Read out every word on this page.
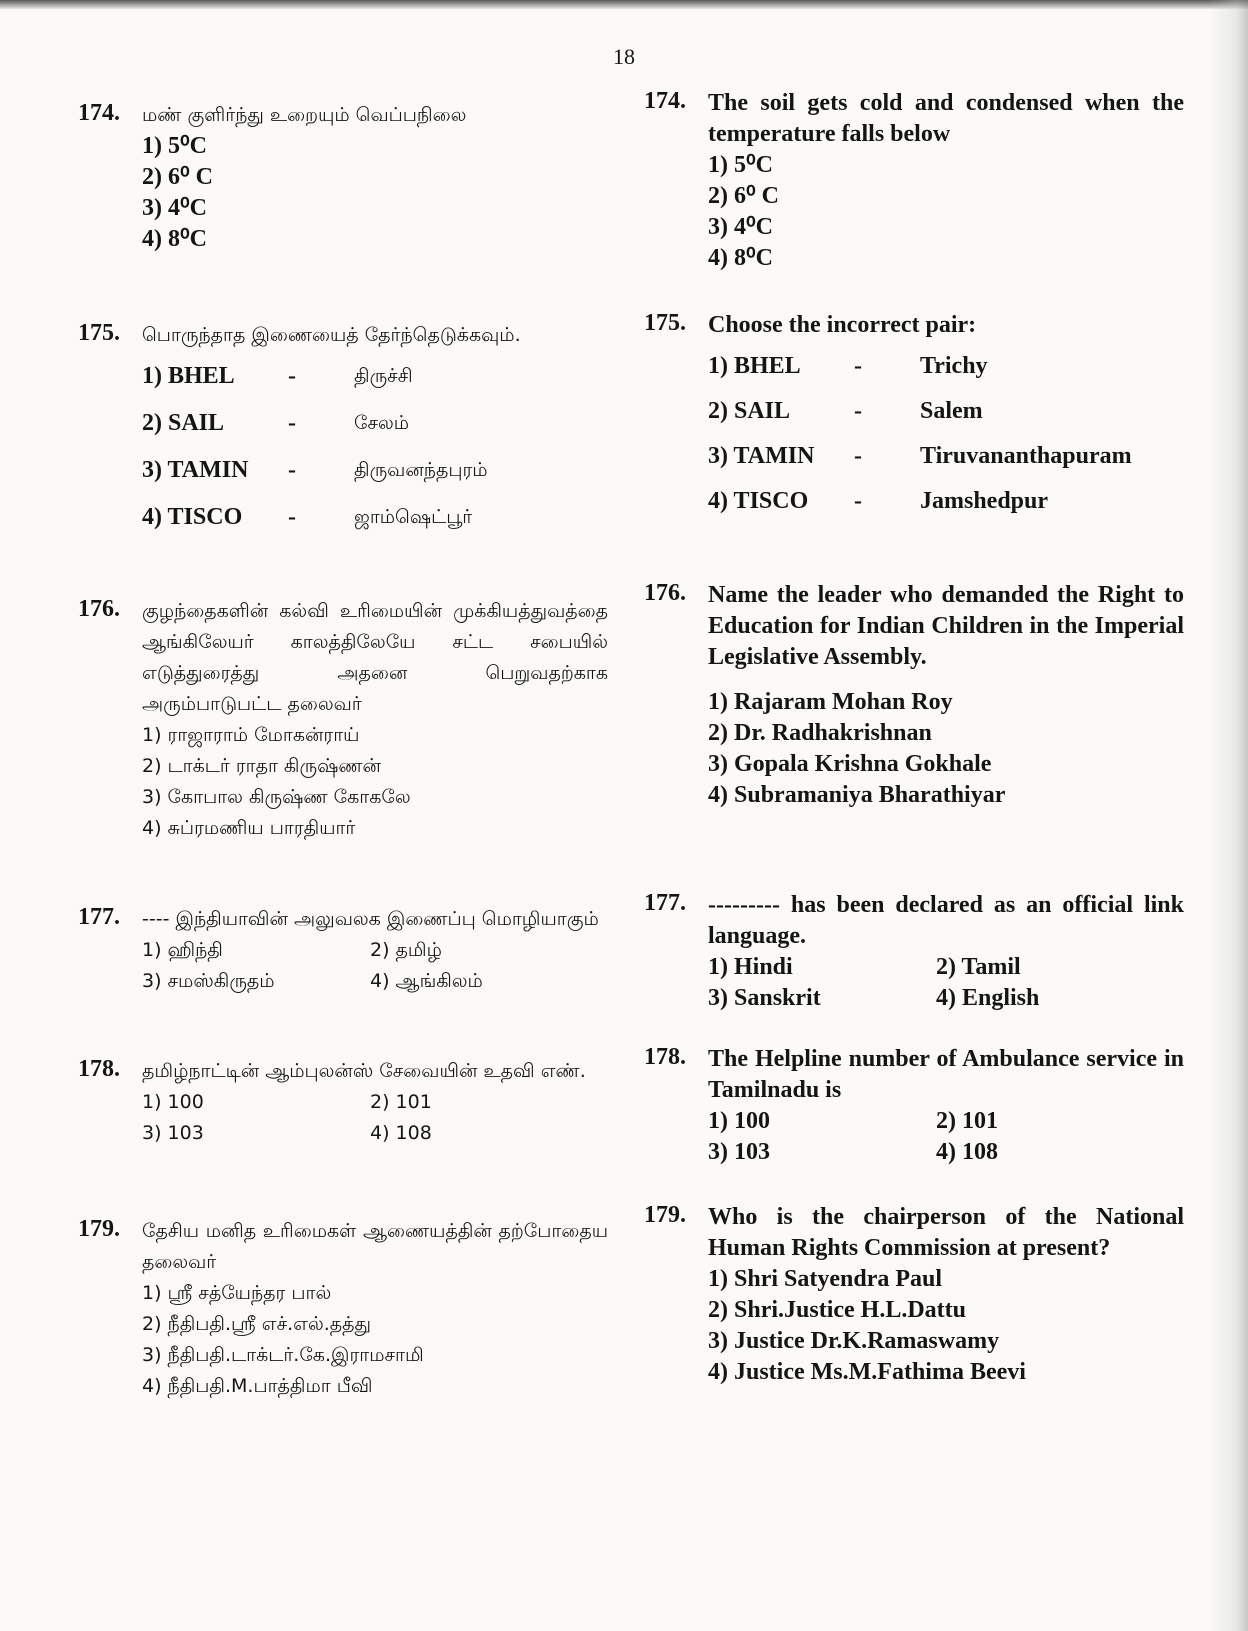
18
174. மண் குளிர்ந்து உறையும் வெப்பநிலை
1) 5⁰C
2) 6⁰ C
3) 4⁰C
4) 8⁰C
175. பொருந்தாத இணையைத் தேர்ந்தெடுக்கவும்.
1) BHEL	-	திருச்சி
2) SAIL	-	சேலம்
3) TAMIN	-	திருவனந்தபுரம்
4) TISCO	-	ஜாம்ஷெட்பூர்
176. குழந்தைகளின் கல்வி உரிமையின் முக்கியத்துவத்தை ஆங்கிலேயர் காலத்திலேயே சட்ட சபையில் எடுத்துரைத்து அதனை பெறுவதற்காக அரும்பாடுபட்ட தலைவர்
1) ராஜாராம் மோகன்ராய்
2) டாக்டர் ராதா கிருஷ்ணன்
3) கோபால கிருஷ்ண கோகலே
4) சுப்ரமணிய பாரதியார்
177. ---- இந்தியாவின் அலுவலக இணைப்பு மொழியாகும்
1) ஹிந்தி	2) தமிழ்
3) சமஸ்கிருதம்	4) ஆங்கிலம்
178. தமிழ்நாட்டின் ஆம்புலன்ஸ் சேவையின் உதவி எண்.
1) 100	2) 101
3) 103	4) 108
179. தேசிய மனித உரிமைகள் ஆணையத்தின் தற்போதைய தலைவர்
1) ஸ்ரீ சத்யேந்தர பால்
2) நீதிபதி.ஸ்ரீ எச்.எல்.தத்து
3) நீதிபதி.டாக்டர்.கே.இராமசாமி
4) நீதிபதி.M.பாத்திமா பீவி
174. The soil gets cold and condensed when the temperature falls below
1) 5⁰C
2) 6⁰ C
3) 4⁰C
4) 8⁰C
175. Choose the incorrect pair:
1) BHEL	-	Trichy
2) SAIL	-	Salem
3) TAMIN	-	Tiruvananthapuram
4) TISCO	-	Jamshedpur
176. Name the leader who demanded the Right to Education for Indian Children in the Imperial Legislative Assembly.
1) Rajaram Mohan Roy
2) Dr. Radhakrishnan
3) Gopala Krishna Gokhale
4) Subramaniya Bharathiyar
177. --------- has been declared as an official link language.
1) Hindi	2) Tamil
3) Sanskrit	4) English
178. The Helpline number of Ambulance service in Tamilnadu is
1) 100	2) 101
3) 103	4) 108
179. Who is the chairperson of the National Human Rights Commission at present?
1) Shri Satyendra Paul
2) Shri.Justice H.L.Dattu
3) Justice Dr.K.Ramaswamy
4) Justice Ms.M.Fathima Beevi
